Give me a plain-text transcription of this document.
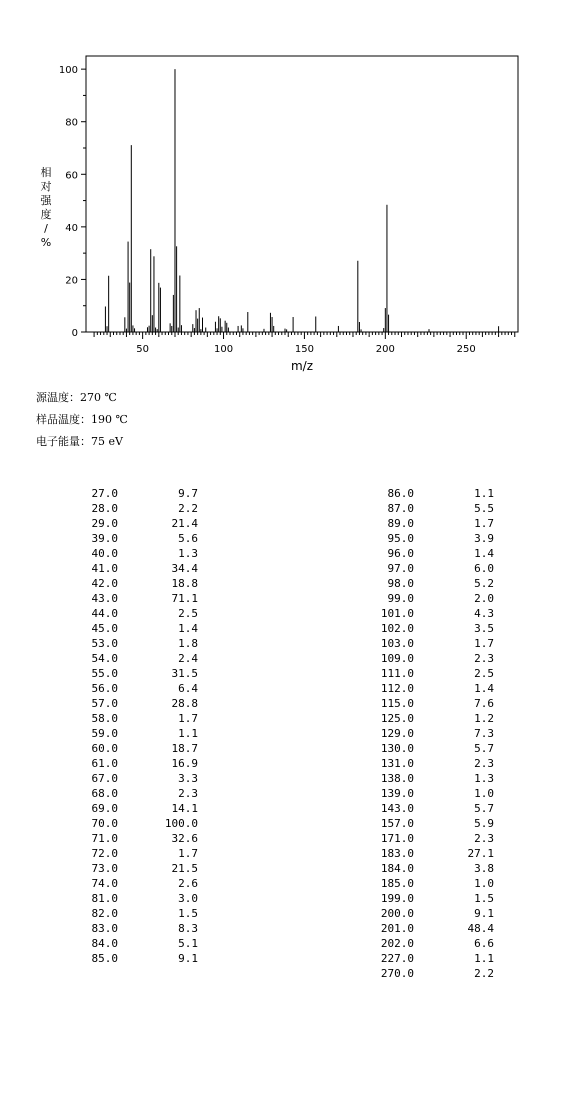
0
20
40
60
80
100
50	100	150	200	250
m/z
相对强度/ %
源温度：270 ℃
样品温度：190 ℃
电子能量：75 eV
27.0	9.7
28.0	2.2
29.0	21.4
39.0	5.6
40.0	1.3
41.0	34.4
42.0	18.8
43.0	71.1
44.0	2.5
45.0	1.4
53.0	1.8
54.0	2.4
55.0	31.5
56.0	6.4
57.0	28.8
58.0	1.7
59.0	1.1
60.0	18.7
61.0	16.9
67.0	3.3
68.0	2.3
69.0	14.1
70.0	100.0
71.0	32.6
72.0	1.7
73.0	21.5
74.0	2.6
81.0	3.0
82.0	1.5
83.0	8.3
84.0	5.1
85.0	9.1
86.0	1.1
87.0	5.5
89.0	1.7
95.0	3.9
96.0	1.4
97.0	6.0
98.0	5.2
99.0	2.0
101.0	4.3
102.0	3.5
103.0	1.7
109.0	2.3
111.0	2.5
112.0	1.4
115.0	7.6
125.0	1.2
129.0	7.3
130.0	5.7
131.0	2.3
138.0	1.3
139.0	1.0
143.0	5.7
157.0	5.9
171.0	2.3
183.0	27.1
184.0	3.8
185.0	1.0
199.0	1.5
200.0	9.1
201.0	48.4
202.0	6.6
227.0	1.1
270.0	2.2
